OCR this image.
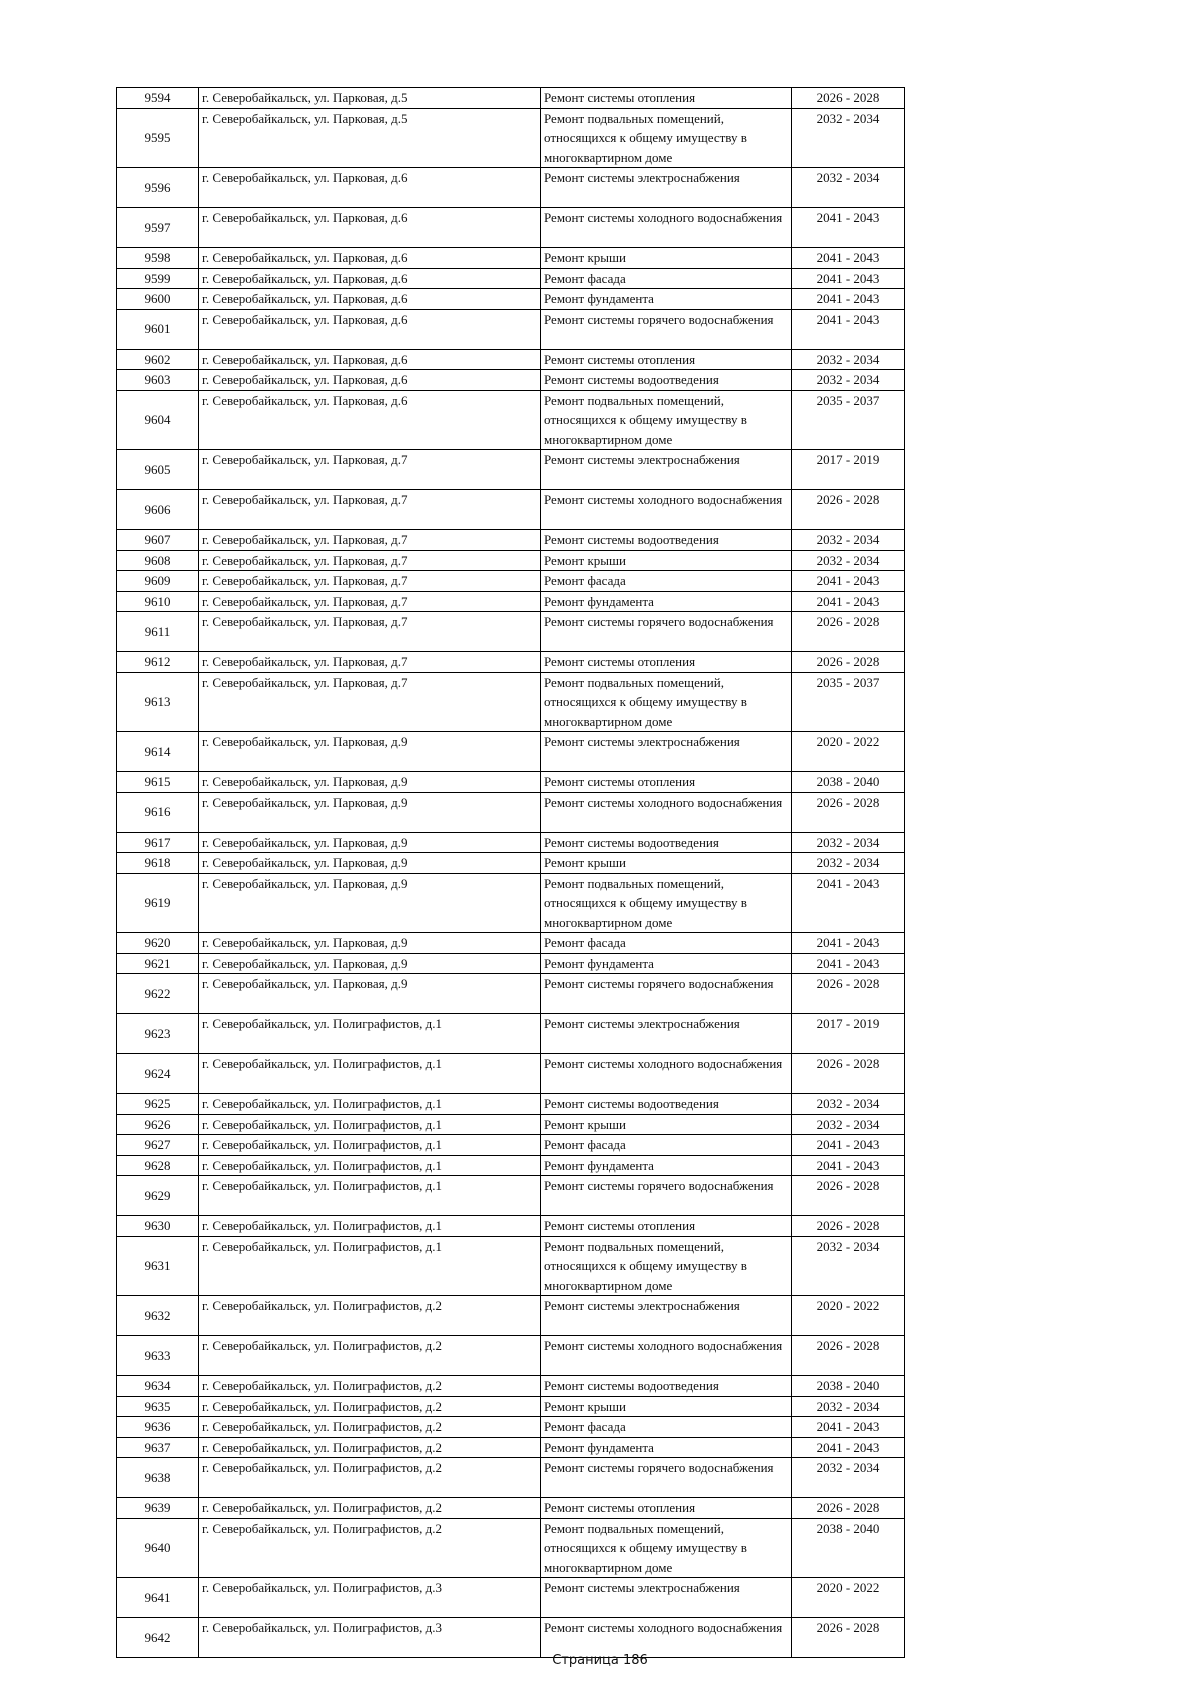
9594	г. Северобайкальск, ул. Парковая, д.5	Ремонт системы отопления	2026 - 2028
9595	г. Северобайкальск, ул. Парковая, д.5	Ремонт подвальных помещений, относящихся к общему имуществу в многоквартирном доме	2032 - 2034
9596	г. Северобайкальск, ул. Парковая, д.6	Ремонт системы электроснабжения	2032 - 2034
9597	г. Северобайкальск, ул. Парковая, д.6	Ремонт системы холодного водоснабжения	2041 - 2043
9598	г. Северобайкальск, ул. Парковая, д.6	Ремонт крыши	2041 - 2043
9599	г. Северобайкальск, ул. Парковая, д.6	Ремонт фасада	2041 - 2043
9600	г. Северобайкальск, ул. Парковая, д.6	Ремонт фундамента	2041 - 2043
9601	г. Северобайкальск, ул. Парковая, д.6	Ремонт системы горячего водоснабжения	2041 - 2043
9602	г. Северобайкальск, ул. Парковая, д.6	Ремонт системы отопления	2032 - 2034
9603	г. Северобайкальск, ул. Парковая, д.6	Ремонт системы водоотведения	2032 - 2034
9604	г. Северобайкальск, ул. Парковая, д.6	Ремонт подвальных помещений, относящихся к общему имуществу в многоквартирном доме	2035 - 2037
9605	г. Северобайкальск, ул. Парковая, д.7	Ремонт системы электроснабжения	2017 - 2019
9606	г. Северобайкальск, ул. Парковая, д.7	Ремонт системы холодного водоснабжения	2026 - 2028
9607	г. Северобайкальск, ул. Парковая, д.7	Ремонт системы водоотведения	2032 - 2034
9608	г. Северобайкальск, ул. Парковая, д.7	Ремонт крыши	2032 - 2034
9609	г. Северобайкальск, ул. Парковая, д.7	Ремонт фасада	2041 - 2043
9610	г. Северобайкальск, ул. Парковая, д.7	Ремонт фундамента	2041 - 2043
9611	г. Северобайкальск, ул. Парковая, д.7	Ремонт системы горячего водоснабжения	2026 - 2028
9612	г. Северобайкальск, ул. Парковая, д.7	Ремонт системы отопления	2026 - 2028
9613	г. Северобайкальск, ул. Парковая, д.7	Ремонт подвальных помещений, относящихся к общему имуществу в многоквартирном доме	2035 - 2037
9614	г. Северобайкальск, ул. Парковая, д.9	Ремонт системы электроснабжения	2020 - 2022
9615	г. Северобайкальск, ул. Парковая, д.9	Ремонт системы отопления	2038 - 2040
9616	г. Северобайкальск, ул. Парковая, д.9	Ремонт системы холодного водоснабжения	2026 - 2028
9617	г. Северобайкальск, ул. Парковая, д.9	Ремонт системы водоотведения	2032 - 2034
9618	г. Северобайкальск, ул. Парковая, д.9	Ремонт крыши	2032 - 2034
9619	г. Северобайкальск, ул. Парковая, д.9	Ремонт подвальных помещений, относящихся к общему имуществу в многоквартирном доме	2041 - 2043
9620	г. Северобайкальск, ул. Парковая, д.9	Ремонт фасада	2041 - 2043
9621	г. Северобайкальск, ул. Парковая, д.9	Ремонт фундамента	2041 - 2043
9622	г. Северобайкальск, ул. Парковая, д.9	Ремонт системы горячего водоснабжения	2026 - 2028
9623	г. Северобайкальск, ул. Полиграфистов, д.1	Ремонт системы электроснабжения	2017 - 2019
9624	г. Северобайкальск, ул. Полиграфистов, д.1	Ремонт системы холодного водоснабжения	2026 - 2028
9625	г. Северобайкальск, ул. Полиграфистов, д.1	Ремонт системы водоотведения	2032 - 2034
9626	г. Северобайкальск, ул. Полиграфистов, д.1	Ремонт крыши	2032 - 2034
9627	г. Северобайкальск, ул. Полиграфистов, д.1	Ремонт фасада	2041 - 2043
9628	г. Северобайкальск, ул. Полиграфистов, д.1	Ремонт фундамента	2041 - 2043
9629	г. Северобайкальск, ул. Полиграфистов, д.1	Ремонт системы горячего водоснабжения	2026 - 2028
9630	г. Северобайкальск, ул. Полиграфистов, д.1	Ремонт системы отопления	2026 - 2028
9631	г. Северобайкальск, ул. Полиграфистов, д.1	Ремонт подвальных помещений, относящихся к общему имуществу в многоквартирном доме	2032 - 2034
9632	г. Северобайкальск, ул. Полиграфистов, д.2	Ремонт системы электроснабжения	2020 - 2022
9633	г. Северобайкальск, ул. Полиграфистов, д.2	Ремонт системы холодного водоснабжения	2026 - 2028
9634	г. Северобайкальск, ул. Полиграфистов, д.2	Ремонт системы водоотведения	2038 - 2040
9635	г. Северобайкальск, ул. Полиграфистов, д.2	Ремонт крыши	2032 - 2034
9636	г. Северобайкальск, ул. Полиграфистов, д.2	Ремонт фасада	2041 - 2043
9637	г. Северобайкальск, ул. Полиграфистов, д.2	Ремонт фундамента	2041 - 2043
9638	г. Северобайкальск, ул. Полиграфистов, д.2	Ремонт системы горячего водоснабжения	2032 - 2034
9639	г. Северобайкальск, ул. Полиграфистов, д.2	Ремонт системы отопления	2026 - 2028
9640	г. Северобайкальск, ул. Полиграфистов, д.2	Ремонт подвальных помещений, относящихся к общему имуществу в многоквартирном доме	2038 - 2040
9641	г. Северобайкальск, ул. Полиграфистов, д.3	Ремонт системы электроснабжения	2020 - 2022
9642	г. Северобайкальск, ул. Полиграфистов, д.3	Ремонт системы холодного водоснабжения	2026 - 2028
Страница 186
